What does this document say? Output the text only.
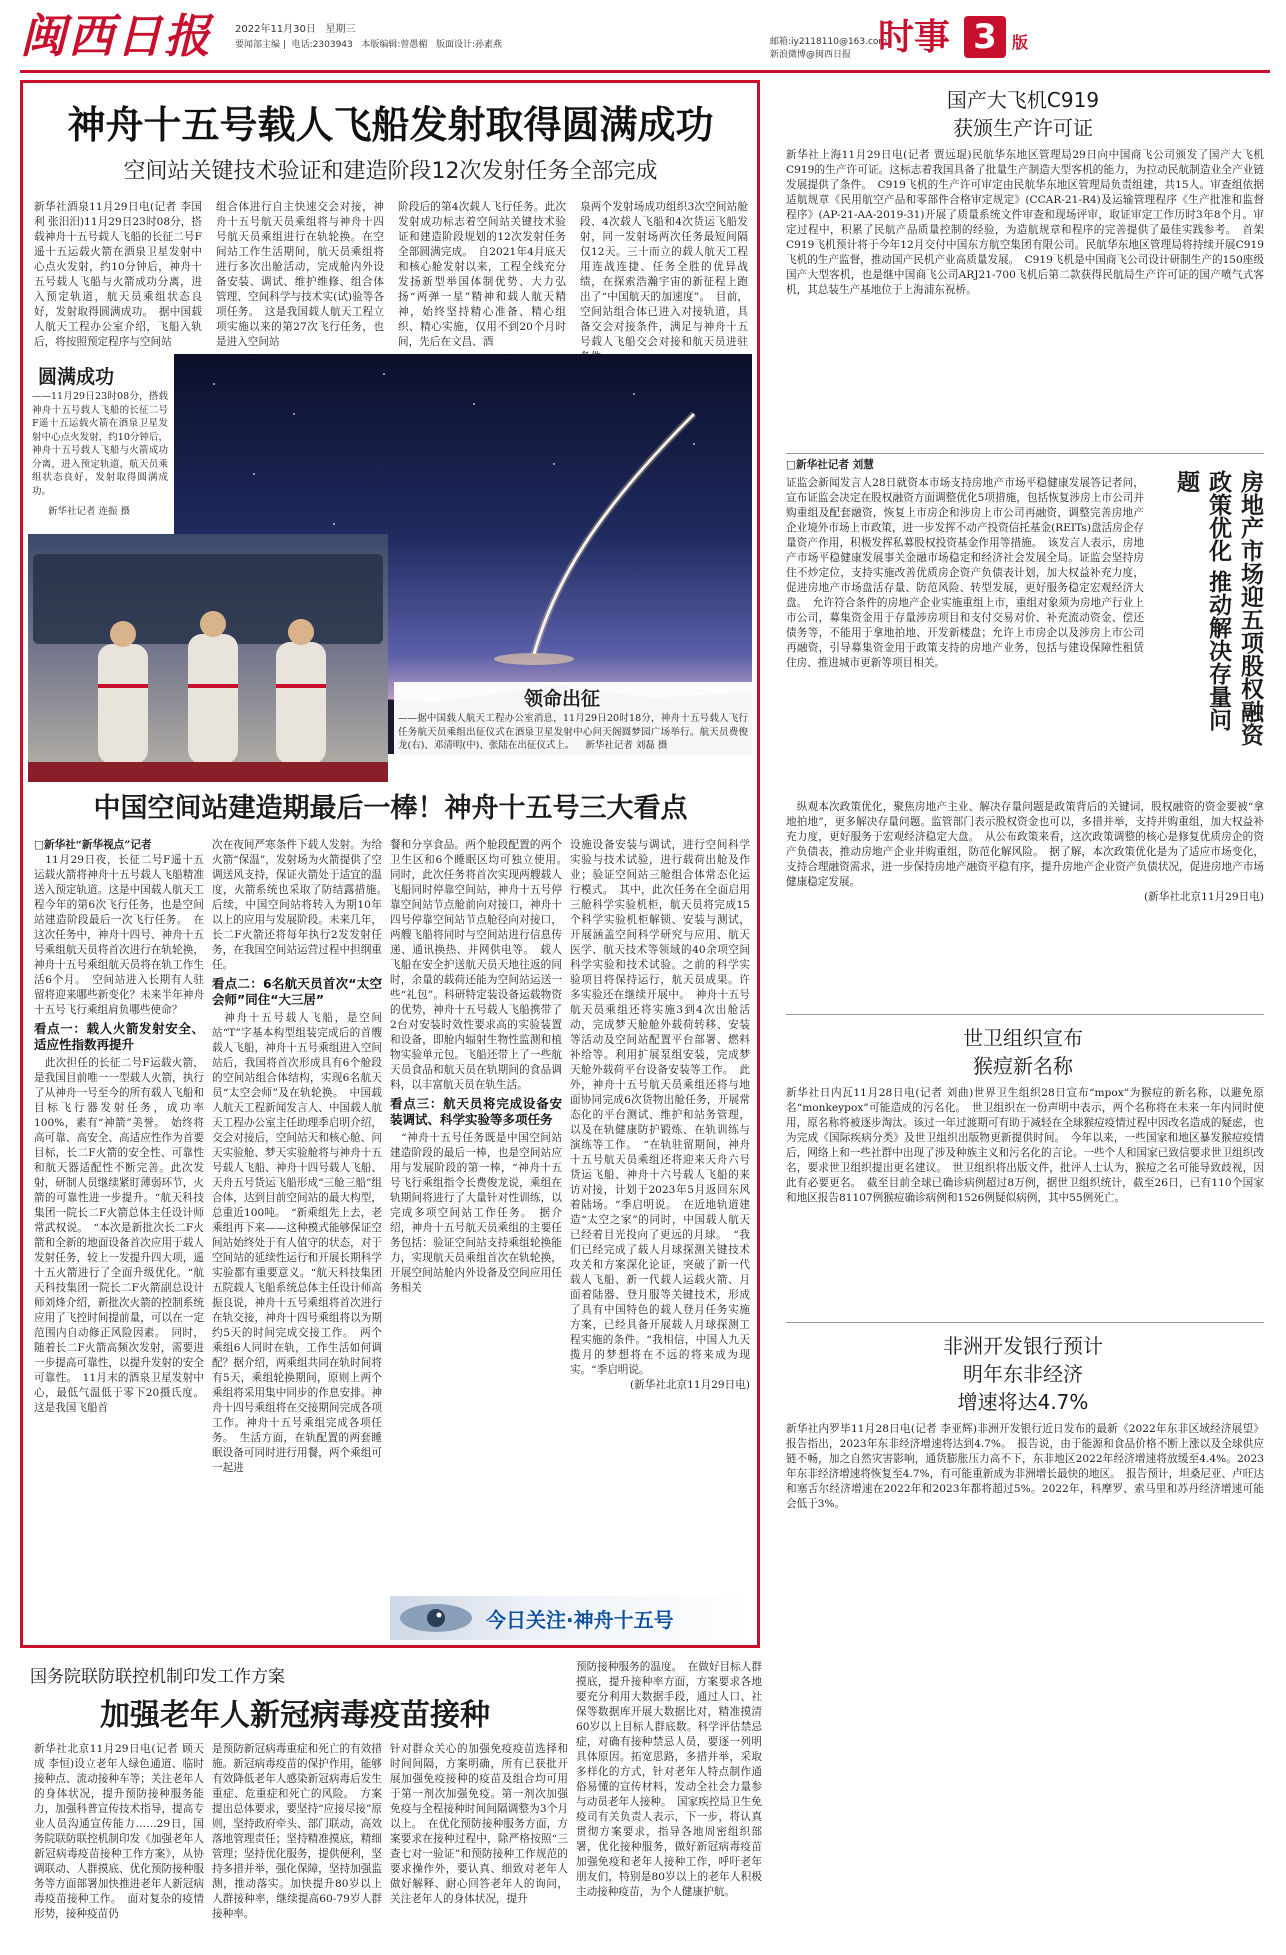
闽西日报 2022年11月30日 星期三
要闻部主编 |  电话:2303943 本版编辑:曾愚楣 版面设计:孙素燕	邮箱:iy2118110@163.com
新浪微博@闽西日报 时事 3 版
神舟十五号载人飞船发射取得圆满成功
空间站关键技术验证和建造阶段12次发射任务全部完成
新华社酒泉11月29日电(记者 李国利 张汨汨)11月29日23时08分，搭载神舟十五号载人飞船的长征二号F遥十五运载火箭在酒泉卫星发射中心点火发射，约10分钟后，神舟十五号载人飞船与火箭成功分离，进入预定轨道，航天员乘组状态良好，发射取得圆满成功。　据中国载人航天工程办公室介绍，飞船入轨后，将按照预定程序与空间站
组合体进行自主快速交会对接，神舟十五号航天员乘组将与神舟十四号航天员乘组进行在轨轮换。在空间站工作生活期间，航天员乘组将进行多次出舱活动，完成舱内外设备安装、调试、维护维修、组合体管理、空间科学与技术实(试)验等各项任务。　这是我国载人航天工程立项实施以来的第27次飞行任务，也是进入空间站
阶段后的第4次载人飞行任务。此次发射成功标志着空间站关键技术验证和建造阶段规划的12次发射任务全部圆满完成。　自2021年4月底天和核心舱发射以来，工程全线充分发扬新型举国体制优势、大力弘扬“两弹一星”精神和载人航天精神，始终坚持精心准备、精心组织、精心实施，仅用不到20个月时间，先后在文昌、酒
泉两个发射场成功组织3次空间站舱段、4次载人飞船和4次货运飞船发射，同一发射场两次任务最短间隔仅12天。三十而立的载人航天工程用连战连捷、任务全胜的优异战绩，在探索浩瀚宇宙的新征程上跑出了“中国航天的加速度”。　目前，空间站组合体已进入对接轨道，具备交会对接条件，满足与神舟十五号载人飞船交会对接和航天员进驻
圆满成功
——11月29日23时08分，搭载神舟十五号载人飞船的长征二号F遥十五运载火箭在酒泉卫星发射中心点火发射，约10分钟后，神舟十五号载人飞船与火箭成功分离，进入预定轨道，航天员乘组状态良好，发射取得圆满成功。
新华社记者 连振 摄
领命出征
——据中国载人航天工程办公室消息，11月29日20时18分，神舟十五号载人飞行任务航天员乘组出征仪式在酒泉卫星发射中心问天阁圆梦园广场举行。航天员费俊龙(右)、邓清明(中)、张陆在出征仪式上。 新华社记者 刘磊 摄
中国空间站建造期最后一棒！神舟十五号三大看点
□新华社“新华视点”记者
　11月29日夜，长征二号F遥十五运载火箭将神舟十五号载人飞船精准送入预定轨道。这是中国载人航天工程今年的第6次飞行任务，也是空间站建造阶段最后一次飞行任务。　在这次任务中，神舟十四号、神舟十五号乘组航天员将首次进行在轨轮换，神舟十五号乘组航天员将在轨工作生活6个月。　空间站进入长期有人驻留将迎来哪些新变化？未来半年神舟十五号飞行乘组肩负哪些使命？
看点一：载人火箭发射安全、适应性指数再提升
　此次担任的长征二号F运载火箭，是我国目前唯一一型载人火箭，执行了从神舟一号至今的所有载人飞船和目标飞行器发射任务，成功率100%，素有“神箭”美誉。　始终将高可靠、高安全、高适应性作为首要目标，长二F火箭的安全性、可靠性和航天器适配性不断完善。此次发射，研制人员继续紧盯薄弱环节，火箭的可靠性进一步提升。“航天科技集团一院长二F火箭总体主任设计师常武权说。　“本次是新批次长二F火箭和全新的地面设备首次应用于载人发射任务，较上一发提升四大项，遥十五火箭进行了全面升级优化。“航天科技集团一院长二F火箭副总设计师刘烽介绍，新批次火箭的控制系统应用了飞控时间提前量，可以在一定范围内自动修正风险因素。　同时，随着长二F火箭高频次发射，需要进一步提高可靠性，以提升发射的安全可靠性。　11月末的酒泉卫星发射中心，最低气温低于零下20摄氏度。这是我国飞船首
次在夜间严寒条件下载人发射。为给火箭“保温”，发射场为火箭提供了空调送风支持，保证火箭处于适宜的温度，火箭系统也采取了防结露措施。　后续，中国空间站将转入为期10年以上的应用与发展阶段。未来几年，长二F火箭还将每年执行2发发射任务，在我国空间站运营过程中担纲重任。
看点二：6名航天员首次“太空会师”同住“大三居”
　神舟十五号载人飞船，是空间站“T”字基本构型组装完成后的首艘载人飞船，神舟十五号乘组进入空间站后，我国将首次形成具有6个舱段的空间站组合体结构，实现6名航天员“太空会师”及在轨轮换。　中国载人航天工程新闻发言人、中国载人航天工程办公室主任助理季启明介绍，交会对接后，空间站天和核心舱、问天实验舱、梦天实验舱将与神舟十五号载人飞船、神舟十四号载人飞船、天舟五号货运飞船形成“三舱三船”组合体，达到目前空间站的最大构型，总重近100吨。　“新乘组先上去，老乘组再下来——这种模式能够保证空间站始终处于有人值守的状态，对于空间站的延续性运行和开展长期科学实验都有重要意义。“航天科技集团五院载人飞船系统总体主任设计师高振良说，神舟十五号乘组将首次进行在轨交接，神舟十四号乘组将以为期约5天的时间完成交接工作。　两个乘组6人同时在轨，工作生活如何调配？据介绍，两乘组共同在轨时间将有5天，乘组轮换期间，原则上两个乘组将采用集中同步的作息安排。神舟十四号乘组将在交接期间完成各项工作。神舟十五号乘组完成各项任务。　生活方面，在轨配置的两套睡眠设备可同时进行用餐，两个乘组可一起进
餐和分享食品。两个舱段配置的两个卫生区和6个睡眠区均可独立使用。　同时，此次任务将首次实现两艘载人飞船同时停靠空间站，神舟十五号停靠空间站节点舱前向对接口，神舟十四号停靠空间站节点舱径向对接口，两艘飞船将同时与空间站进行信息传递、通讯换热、并网供电等。　载人飞船在安全护送航天员天地往返的同时，余量的载荷还能为空间站运送一些“礼包”。科研特定装设备运载物资的优势，神舟十五号载人飞船携带了2台对安装时效性要求高的实验装置和设备，即舱内辐射生物性监测和植物实验单元包。飞船还带上了一些航天员食品和航天员在轨期间的食品调料，以丰富航天员在轨生活。
看点三：航天员将完成设备安装调试、科学实验等多项任务
　“神舟十五号任务既是中国空间站建造阶段的最后一棒，也是空间站应用与发展阶段的第一棒，“神舟十五号飞行乘组指令长费俊龙说，乘组在轨期间将进行了大量针对性训练，以完成多项空间站工作任务。　据介绍，神舟十五号航天员乘组的主要任务包括：验证空间站支持乘组轮换能力，实现航天员乘组首次在轨轮换，开展空间站舱内外设备及空间应用任务相关
设施设备安装与调试，进行空间科学实验与技术试验，进行载荷出舱及作业；验证空间站三舱组合体常态化运行模式。　其中，此次任务在全面启用三舱科学实验机柜，航天员将完成15个科学实验机柜解锁、安装与测试，开展涵盖空间科学研究与应用、航天医学、航天技术等领域的40余项空间科学实验和技术试验。之前的科学实验项目将保持运行，航天员成果。许多实验还在继续开展中。　神舟十五号航天员乘组还将实施3到4次出舱活动，完成梦天舱舱外载荷转移、安装等活动及空间站配置平台部署、燃料补给等。利用扩展泵组安装，完成梦天舱外载荷平台设备安装等工作。　此外，神舟十五号航天员乘组还将与地面协同完成6次货物出舱任务，开展常态化的平台测试、维护和站务管理，以及在轨健康防护锻炼、在轨训练与演练等工作。　“在轨驻留期间，神舟十五号航天员乘组还将迎来天舟六号货运飞船、神舟十六号载人飞船的来访对接，计划于2023年5月返回东风着陆场。“季启明说。　在近地轨道建造“太空之家”的同时，中国载人航天已经着目光投向了更远的月球。　“我们已经完成了载人月球探测关键技术攻关和方案深化论证，突破了新一代载人飞船、新一代载人运载火箭、月面着陆器、登月服等关键技术，形成了具有中国特色的载人登月任务实施方案，已经具备开展载人月球探测工程实施的条件。“我相信，中国人九天揽月的梦想将在不远的将来成为现实。“季启明说。
(新华社北京11月29日电)
今日关注·神舟十五号
国产大飞机C919
获颁生产许可证
新华社上海11月29日电(记者 贾远琨)民航华东地区管理局29日向中国商飞公司颁发了国产大飞机C919的生产许可证。这标志着我国具备了批量生产制造大型客机的能力，为拉动民航制造业全产业链发展提供了条件。　C919飞机的生产许可审定由民航华东地区管理局负责组建，共15人。审查组依据适航规章《民用航空产品和零部件合格审定规定》(CCAR-21-R4)及运输管理程序《生产批准和监督程序》(AP-21-AA-2019-31)开展了质量系统文件审查和现场评审，取证审定工作历时3年8个月。审定过程中，积累了民航产品质量控制的经验，为造航规章和程序的完善提供了最佳实践参考。　首架C919飞机预计将于今年12月交付中国东方航空集团有限公司。民航华东地区管理局将持续开展C919飞机的生产监督，推动国产民机产业高质量发展。　C919飞机是中国商飞公司设计研制生产的150座级国产大型客机，也是继中国商飞公司ARJ21-700飞机后第二款获得民航局生产许可证的国产喷气式客机，其总装生产基地位于上海浦东祝桥。
□新华社记者 刘慧
房地产市场迎五项股权融资政策优化 推动解决存量问题
证监会新闻发言人28日就资本市场支持房地产市场平稳健康发展答记者问，宣布证监会决定在股权融资方面调整优化5项措施，包括恢复涉房上市公司并购重组及配套融资，恢复上市房企和涉房上市公司再融资，调整完善房地产企业境外市场上市政策，进一步发挥不动产投资信托基金(REITs)盘活房企存量资产作用，积极发挥私募股权投资基金作用等措施。　该发言人表示，房地产市场平稳健康发展事关金融市场稳定和经济社会发展全局。证监会坚持房住不炒定位，支持实施改善优质房企资产负债表计划，加大权益补充力度，促进房地产市场盘活存量、防范风险、转型发展，更好服务稳定宏观经济大盘。　允许符合条件的房地产企业实施重组上市，重组对象须为房地产行业上市公司，募集资金用于存量涉房项目和支付交易对价、补充流动资金、偿还债务等，不能用于拿地拍地、开发新楼盘；允许上市房企以及涉房上市公司再融资，引导募集资金用于政策支持的房地产业务，包括与建设保障性租赁住房、推进城市更新等项目相关。
　纵观本次政策优化，聚焦房地产主业、解决存量问题是政策背后的关键词，股权融资的资金要被“拿地拍地”，更多解决存量问题。监管部门表示股权资金也可以，多措并举，支持并购重组，加大权益补充力度，更好服务于宏观经济稳定大盘。　从公布政策来看，这次政策调整的核心是修复优质房企的资产负债表，推动房地产企业并购重组，防范化解风险。　据了解，本次政策优化是为了适应市场变化，支持合理融资需求，进一步保持房地产融资平稳有序，提升房地产企业资产负债状况，促进房地产市场健康稳定发展。
(新华社北京11月29日电)
世卫组织宣布
猴痘新名称
新华社日内瓦11月28日电(记者 刘曲)世界卫生组织28日宣布“mpox”为猴痘的新名称，以避免原名“monkeypox”可能造成的污名化。　世卫组织在一份声明中表示，两个名称将在未来一年内同时使用，原名称将被逐步淘汰。该过一年过渡期可有助于减轻在全球猴痘疫情过程中因改名造成的疑虑，也为完成《国际疾病分类》及世卫组织出版物更新提供时间。　今年以来，一些国家和地区暴发猴痘疫情后，网络上和一些社群中出现了涉及种族主义和污名化的言论。一些个人和国家已致信要求世卫组织改名，要求世卫组织提出更名建议。　世卫组织将出版文件，批评人士认为，猴痘之名可能导致歧视，因此有必要更名。　截至目前全球已确诊病例超过8万例，据世卫组织统计，截至26日，已有110个国家和地区报告81107例猴痘确诊病例和1526例疑似病例，其中55例死亡。
非洲开发银行预计
明年东非经济
增速将达4.7%
新华社内罗毕11月28日电(记者 李亚辉)非洲开发银行近日发布的最新《2022年东非区域经济展望》报告指出，2023年东非经济增速将达到4.7%。　报告说，由于能源和食品价格不断上涨以及全球供应链不畅，加之自然灾害影响，通货膨胀压力高不下，东非地区2022年经济增速将放缓至4.4%。2023年东非经济增速将恢复至4.7%，有可能重新成为非洲增长最快的地区。　报告预计，坦桑尼亚、卢旺达和塞舌尔经济增速在2022年和2023年都将超过5%。2022年，科摩罗、索马里和苏丹经济增速可能会低于3%。
国务院联防联控机制印发工作方案
加强老年人新冠病毒疫苗接种
新华社北京11月29日电(记者 顾天成 李恒)设立老年人绿色通道、临时接种点、流动接种车等；关注老年人的身体状况，提升预防接种服务能力，加强科普宣传技术指导，提高专业人员沟通宣传能力……29日，国务院联防联控机制印发《加强老年人新冠病毒疫苗接种工作方案》，从协调联动、人群摸底、优化预防接种服务等方面部署加快推进老年人新冠病毒疫苗接种工作。　面对复杂的疫情形势，接种疫苗仍
是预防新冠病毒重症和死亡的有效措施。新冠病毒疫苗的保护作用，能够有效降低老年人感染新冠病毒后发生重症、危重症和死亡的风险。　方案提出总体要求，要坚持“应接尽接”原则，坚持政府牵头、部门联动，高效落地管理责任；坚持精准摸底，精细管理；坚持优化服务，提供便利，坚持多措并举，强化保障，坚持加强监测，推动落实。加快提升80岁以上人群接种率，继续提高60-79岁人群接种率。
针对群众关心的加强免疫疫苗选择和时间间隔，方案明确，所有已获批开展加强免疫接种的疫苗及组合均可用于第一剂次加强免疫。第一剂次加强免疫与全程接种时间间隔调整为3个月以上。　在优化预防接种服务方面，方案要求在接种过程中，除严格按照“三查七对一验证”和预防接种工作规范的要求操作外，要认真、细致对老年人做好解释、耐心回答老年人的询问，关注老年人的身体状况，提升
预防接种服务的温度。　在做好目标人群摸底，提升接种率方面，方案要求各地要充分利用大数据手段，通过人口、社保等数据库开展大数据比对，精准摸清60岁以上目标人群底数。科学评估禁忌症，对确有接种禁忌人员，要逐一列明具体原因。拓宽思路，多措并举，采取多样化的方式，针对老年人特点制作通俗易懂的宣传材料，发动全社会力量参与动员老年人接种。　国家疾控局卫生免疫司有关负责人表示，下一步，将认真贯彻方案要求，指导各地周密组织部署，优化接种服务，做好新冠病毒疫苗加强免疫和老年人接种工作，呼吁老年朋友们，特别是80岁以上的老年人积极主动接种疫苗，为个人健康护航。
